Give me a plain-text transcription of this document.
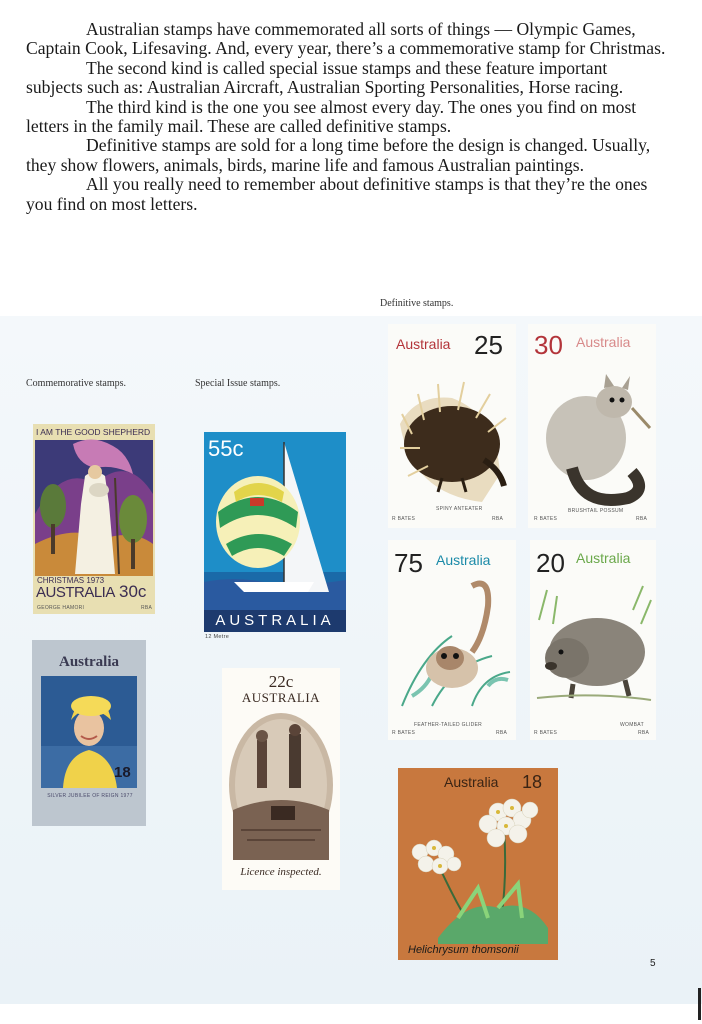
Australian stamps have commemorated all sorts of things — Olympic Games, Captain Cook, Lifesaving. And, every year, there’s a commemorative stamp for Christmas.

The second kind is called special issue stamps and these feature important subjects such as: Australian Aircraft, Australian Sporting Personalities, Horse racing.

The third kind is the one you see almost every day. The ones you find on most letters in the family mail. These are called definitive stamps.

Definitive stamps are sold for a long time before the design is changed. Usually, they show flowers, animals, birds, marine life and famous Australian paintings.

All you really need to remember about definitive stamps is that they’re the ones you find on most letters.

Commemorative stamps.	Special Issue stamps.
Definitive stamps.
I AM THE GOOD SHEPHERD
CHRISTMAS 1973
AUSTRALIA 30c
GEORGE HAMORI	RBA
Australia
18
SILVER JUBILEE OF REIGN 1977
55c
AUSTRALIA
12 Metre
22c
AUSTRALIA
Licence inspected.
Australia 25
SPINY ANTEATER
R BATES	RBA
30 Australia
BRUSHTAIL POSSUM
R BATES	RBA
75 Australia
FEATHER-TAILED GLIDER
R BATES	RBA
20 Australia
WOMBAT
R BATES	RBA
Australia 18
Helichrysum thomsonii
5
